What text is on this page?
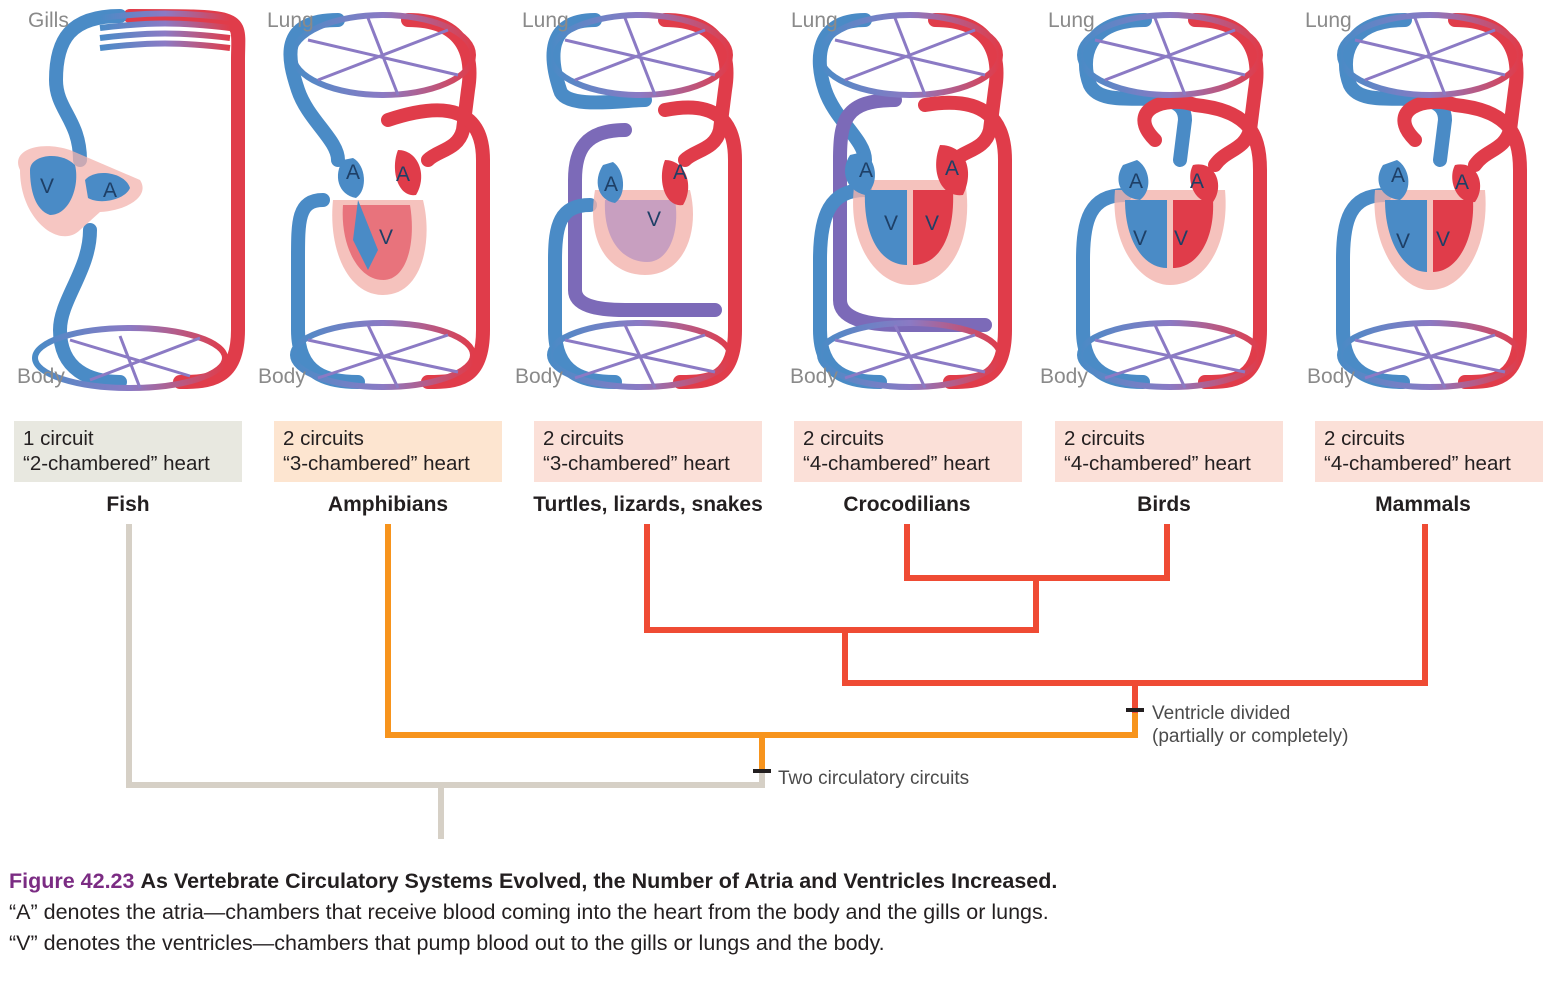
Gills
Body
Lung
Body
Lung
Body
Lung
Body
Lung
Body
Lung
Body
V A
A A
V
A
A
V
A	A
V V
A A
V V
A A
V V
1 circuit
“2-chambered” heart
2 circuits
“3-chambered” heart
2 circuits
“3-chambered” heart
2 circuits
“4-chambered” heart
2 circuits
“4-chambered” heart
2 circuits
“4-chambered” heart
Fish	Amphibians	Turtles, lizards, snakes	Crocodilians	Birds	Mammals
Ventricle divided
(partially or completely)
Two circulatory circuits
Figure 42.23 As Vertebrate Circulatory Systems Evolved, the Number of Atria and Ventricles Increased.
“A” denotes the atria—chambers that receive blood coming into the heart from the body and the gills or lungs.
“V” denotes the ventricles—chambers that pump blood out to the gills or lungs and the body.
